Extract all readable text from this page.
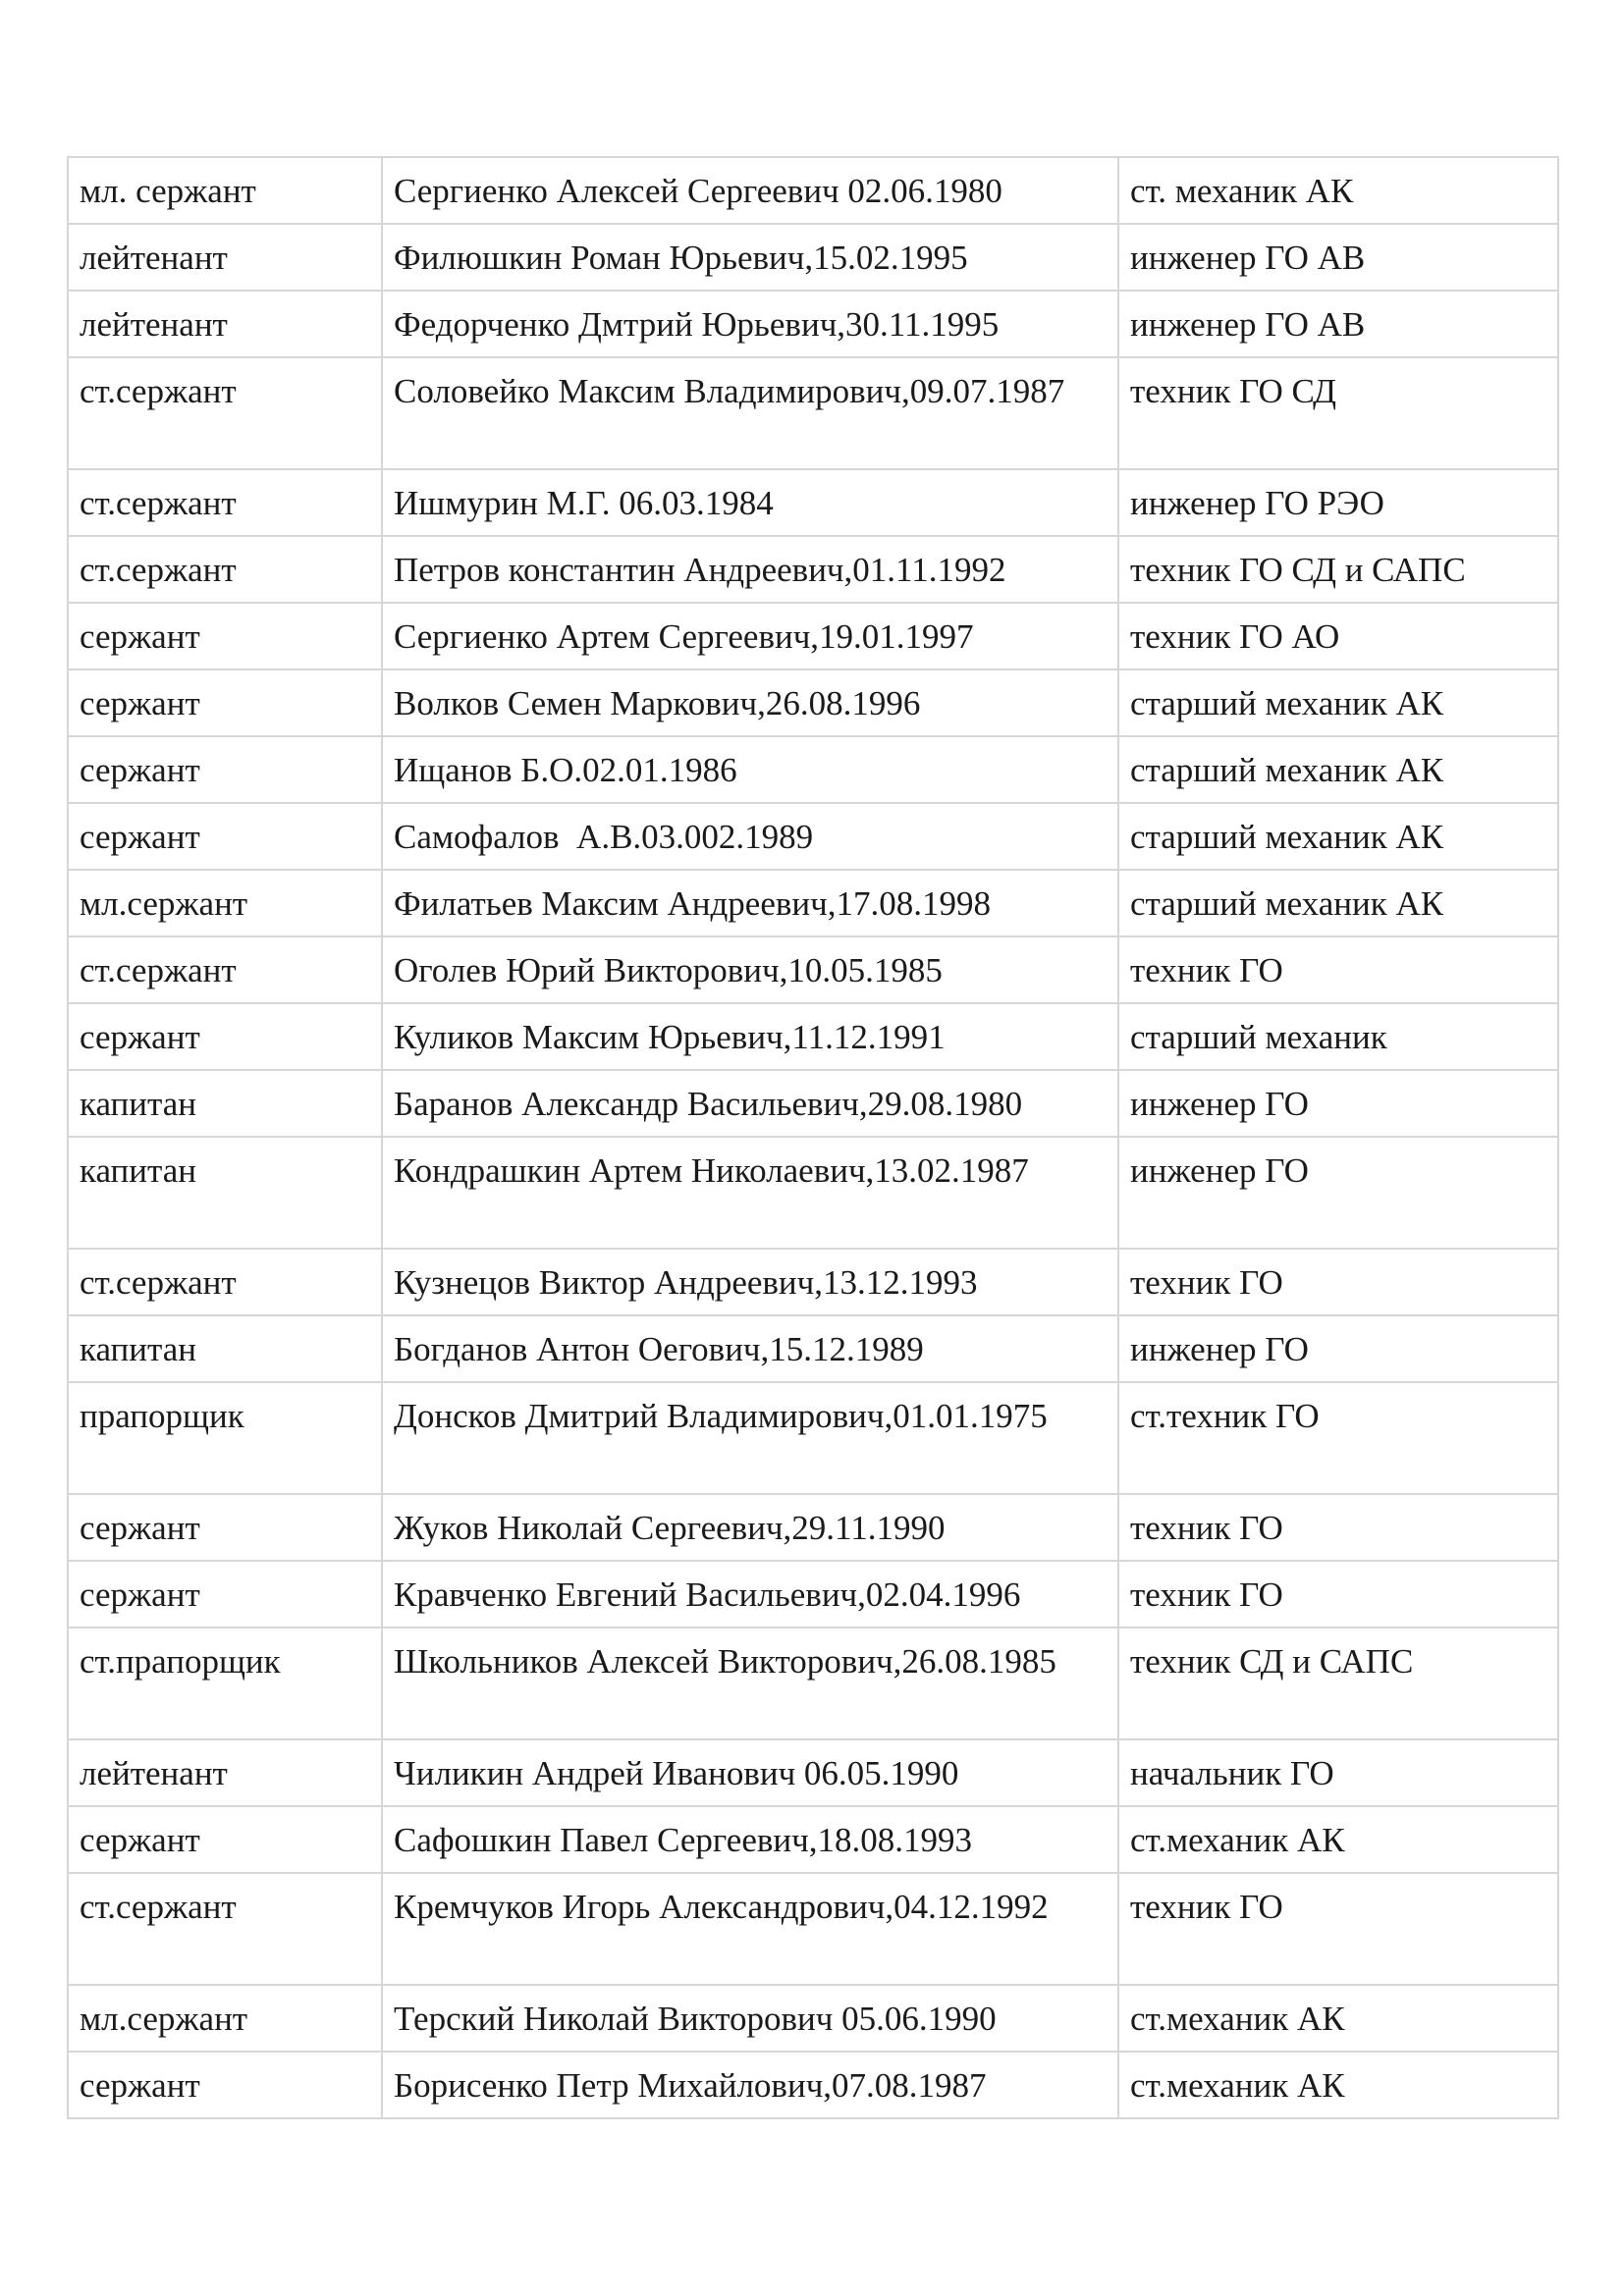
мл. сержант	Сергиенко Алексей Сергеевич 02.06.1980	ст. механик АК

лейтенант	Филюшкин Роман Юрьевич,15.02.1995	инженер ГО АВ

лейтенант	Федорченко Дмтрий Юрьевич,30.11.1995	инженер ГО АВ

ст.сержант	Соловейко Максим Владимирович,09.07.1987	техник ГО СД

ст.сержант	Ишмурин М.Г. 06.03.1984	инженер ГО РЭО

ст.сержант	Петров константин Андреевич,01.11.1992	техник ГО СД и САПС

сержант	Сергиенко Артем Сергеевич,19.01.1997	техник ГО АО

сержант	Волков Семен Маркович,26.08.1996	старший механик АК

сержант	Ищанов Б.О.02.01.1986	старший механик АК

сержант	Самофалов  А.В.03.002.1989	старший механик АК

мл.сержант	Филатьев Максим Андреевич,17.08.1998	старший механик АК

ст.сержант	Оголев Юрий Викторович,10.05.1985	техник ГО

сержант	Куликов Максим Юрьевич,11.12.1991	старший механик

капитан	Баранов Александр Васильевич,29.08.1980	инженер ГО

капитан	Кондрашкин Артем Николаевич,13.02.1987	инженер ГО

ст.сержант	Кузнецов Виктор Андреевич,13.12.1993	техник ГО

капитан	Богданов Антон Оегович,15.12.1989	инженер ГО

прапорщик	Донсков Дмитрий Владимирович,01.01.1975	ст.техник ГО

сержант	Жуков Николай Сергеевич,29.11.1990	техник ГО

сержант	Кравченко Евгений Васильевич,02.04.1996	техник ГО

ст.прапорщик	Школьников Алексей Викторович,26.08.1985	техник СД и САПС

лейтенант	Чиликин Андрей Иванович 06.05.1990	начальник ГО

сержант	Сафошкин Павел Сергеевич,18.08.1993	ст.механик АК

ст.сержант	Кремчуков Игорь Александрович,04.12.1992	техник ГО

мл.сержант	Терский Николай Викторович 05.06.1990	ст.механик АК

сержант	Борисенко Петр Михайлович,07.08.1987	ст.механик АК
